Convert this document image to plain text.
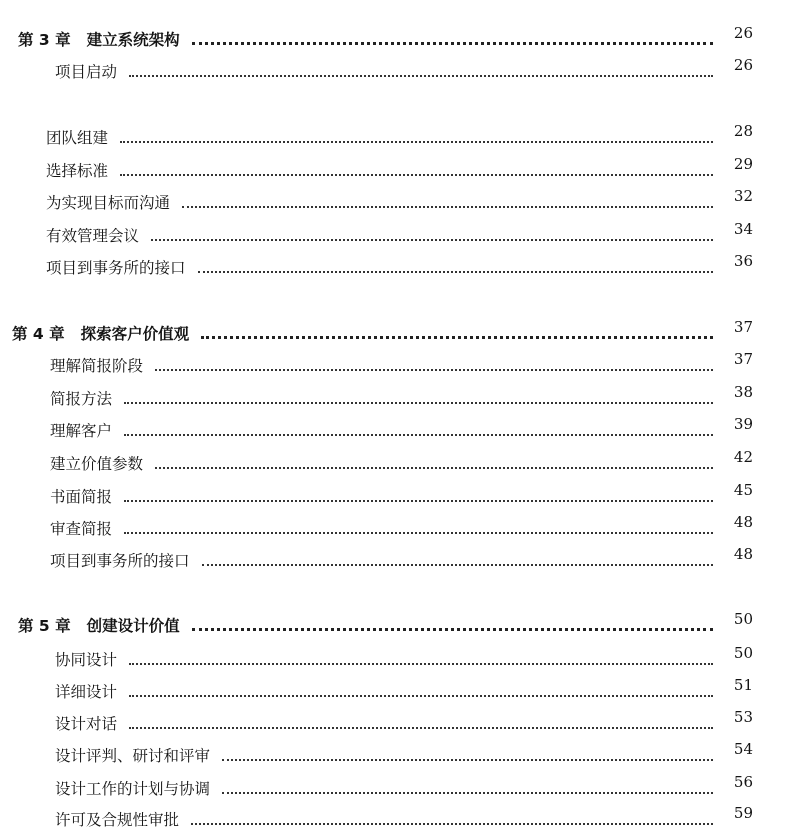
第 3 章 建立系统架构	26
项目启动	26
团队组建	28
选择标准	29
为实现目标而沟通	32
有效管理会议	34
项目到事务所的接口	36
第 4 章 探索客户价值观	37
理解简报阶段	37
简报方法	38
理解客户	39
建立价值参数	42
书面简报	45
审查简报	48
项目到事务所的接口	48
第 5 章 创建设计价值	50
协同设计	50
详细设计	51
设计对话	53
设计评判、研讨和评审	54
设计工作的计划与协调	56
许可及合规性审批	59
